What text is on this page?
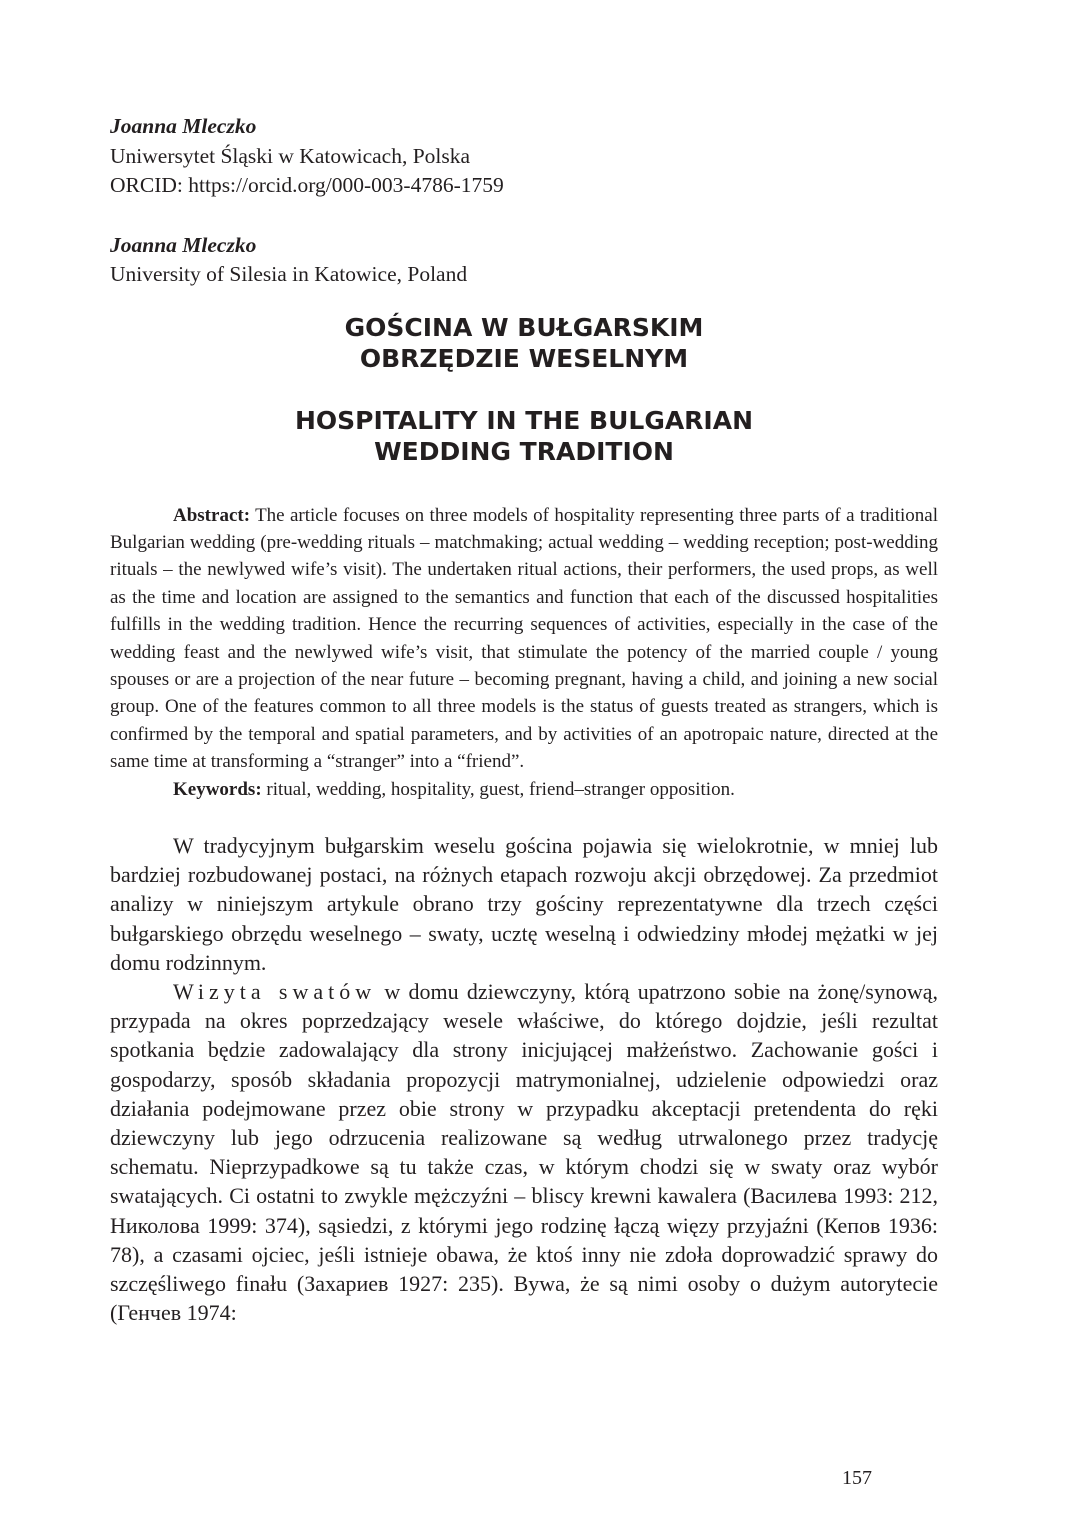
Joanna Mleczko
Uniwersytet Śląski w Katowicach, Polska
ORCID: https://orcid.org/000-003-4786-1759
Joanna Mleczko
University of Silesia in Katowice, Poland
GOŚCINA W BUŁGARSKIM
OBRZĘDZIE WESELNYM
HOSPITALITY IN THE BULGARIAN
WEDDING TRADITION

Abstract: The article focuses on three models of hospitality representing three parts of a traditional Bulgarian wedding (pre-wedding rituals – matchmaking; actual wedding – wedding reception; post-wedding rituals – the newlywed wife’s visit). The undertaken ritual actions, their performers, the used props, as well as the time and location are assigned to the semantics and function that each of the discussed hospitalities fulfills in the wedding tradition. Hence the recurring sequences of activities, especially in the case of the wedding feast and the newlywed wife’s visit, that stimulate the potency of the married couple / young spouses or are a projection of the near future – becoming pregnant, having a child, and joining a new social group. One of the features common to all three models is the status of guests treated as strangers, which is confirmed by the temporal and spatial parameters, and by activities of an apotropaic nature, directed at the same time at transforming a “stranger” into a “friend”.

Keywords: ritual, wedding, hospitality, guest, friend–stranger opposition.

W tradycyjnym bułgarskim weselu gościna pojawia się wielokrotnie, w mniej lub bardziej rozbudowanej postaci, na różnych etapach rozwoju akcji obrzędowej. Za przedmiot analizy w niniejszym artykule obrano trzy gościny reprezentatywne dla trzech części bułgarskiego obrzędu weselnego – swaty, ucztę weselną i odwiedziny młodej mężatki w jej domu rodzinnym.

Wizyta swatów w domu dziewczyny, którą upatrzono sobie na żonę/synową, przypada na okres poprzedzający wesele właściwe, do którego dojdzie, jeśli rezultat spotkania będzie zadowalający dla strony inicjującej małżeństwo. Zachowanie gości i gospodarzy, sposób składania propozycji matrymonialnej, udzielenie odpowiedzi oraz działania podejmowane przez obie strony w przypadku akceptacji pretendenta do ręki dziewczyny lub jego odrzucenia realizowane są według utrwalonego przez tradycję schematu. Nieprzypadkowe są tu także czas, w którym chodzi się w swaty oraz wybór swatających. Ci ostatni to zwykle mężczyźni – bliscy krewni kawalera (Василева 1993: 212, Николова 1999: 374), sąsiedzi, z którymi jego rodzinę łączą więzy przyjaźni (Кепов 1936: 78), a czasami ojciec, jeśli istnieje obawa, że ktoś inny nie zdoła doprowadzić sprawy do szczęśliwego finału (Захариев 1927: 235). Bywa, że są nimi osoby o dużym autorytecie (Генчев 1974:

157
